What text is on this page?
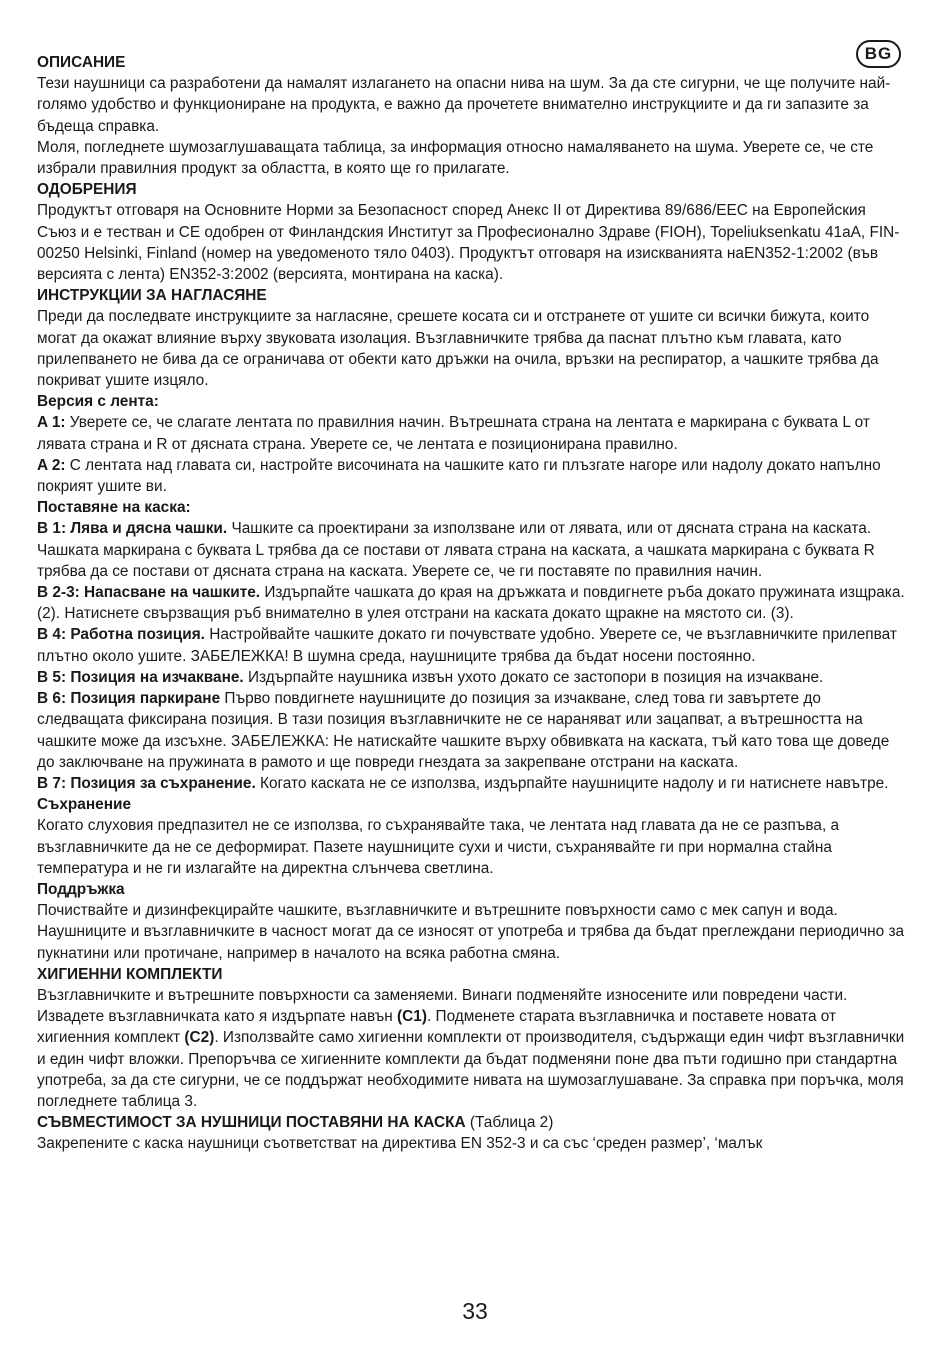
BG

ОПИСАНИЕ

Тези наушници са разработени да намалят излагането на опасни нива на шум. За да сте сигурни, че ще получите най-голямо удобство и функциониране на продукта, е важно да прочетете внимателно инструкциите и да ги запазите за бъдеща справка.

Моля, погледнете шумозаглушаващата таблица, за информация относно намаляването на шума. Уверете се, че сте избрали правилния продукт за областта, в която ще го прилагате.

ОДОБРЕНИЯ

Продуктът отговаря на Основните Норми за Безопасност според Анекс II от Директива 89/686/EEC на Европейския Съюз и е тестван и CE одобрен от Финландския Институт за Професионално Здраве (FIOH), Topeliuksenkatu 41aA, FIN-00250 Helsinki, Finland (номер на уведоменото тяло 0403). Продуктът отговаря на изискванията наEN352-1:2002 (във версията с лента) EN352-3:2002 (версията, монтирана на каска).

ИНСТРУКЦИИ ЗА НАГЛАСЯНЕ

Преди да последвате инструкциите за нагласяне, срешете косата си и отстранете от ушите си всички бижута, които могат да окажат влияние върху звуковата изолация. Възглавничките трябва да паснат плътно към главата, като прилепването не бива да се ограничава от обекти като дръжки на очила, връзки на респиратор, а чашките трябва да покриват ушите изцяло.

Версия с лента:

A 1: Уверете се, че слагате лентата по правилния начин. Вътрешната страна на лентата е маркирана с буквата L от лявата страна и R от дясната страна. Уверете се, че лентата е позиционирана правилно.

A 2: С лентата над главата си, настройте височината на чашките като ги плъзгате нагоре или надолу докато напълно покрият ушите ви.

Поставяне на каска:

B 1: Лява и дясна чашки. Чашките са проектирани за използване или от лявата, или от дясната страна на каската. Чашката маркирана с буквата L трябва да се постави от лявата страна на каската, а чашката маркирана с буквата R трябва да се постави от дясната страна на каската. Уверете се, че ги поставяте по правилния начин.

B 2-3: Напасване на чашките. Издърпайте чашката до края на дръжката и повдигнете ръба докато пружината изщрака. (2). Натиснете свързващия ръб внимателно в улея отстрани на каската докато щракне на мястото си. (3).

B 4: Работна позиция. Настройвайте чашките докато ги почувствате удобно. Уверете се, че възглавничките прилепват плътно около ушите. ЗАБЕЛЕЖКА! В шумна среда, наушниците трябва да бъдат носени постоянно.

B 5: Позиция на изчакване. Издърпайте наушника извън ухото докато се застопори в позиция на изчакване.

B 6: Позиция паркиране Първо повдигнете наушниците до позиция за изчакване, след това ги завъртете до следващата фиксирана позиция. В тази позиция възглавничките не се нараняват или зацапват, а вътрешността на чашките може да изсъхне. ЗАБЕЛЕЖКА: Не натискайте чашките върху обвивката на каската, тъй като това ще доведе до заключване на пружината в рамото и ще повреди гнездата за закрепване отстрани на каската.

B 7: Позиция за съхранение. Когато каската не се използва, издърпайте наушниците надолу и ги натиснете навътре.

Съхранение

Когато слуховия предпазител не се използва, го съхранявайте така, че лентата над главата да не се разпъва, а възглавничките да не се деформират. Пазете наушниците сухи и чисти, съхранявайте ги при нормална стайна температура и не ги излагайте на директна слънчева светлина.

Поддръжка

Почиствайте и дизинфекцирайте чашките, възглавничките и вътрешните повърхности само с мек сапун и вода. Наушниците и възглавничките в часност могат да се износят от употреба и трябва да бъдат преглеждани периодично за пукнатини или протичане, например в началото на всяка работна смяна.

ХИГИЕННИ КОМПЛЕКТИ

Възглавничките и вътрешните повърхности са заменяеми. Винаги подменяйте износените или повредени части. Извадете възглавничката като я издърпате навън (C1). Подменете старата възглавничка и поставете новата от хигиенния комплект (C2). Използвайте само хигиенни комплекти от производителя, съдържащи един чифт възглавнички и един чифт вложки. Препоръчва се хигиенните комплекти да бъдат подменяни поне два пъти годишно при стандартна употреба, за да сте сигурни, че се поддържат необходимите нивата на шумозаглушаване. За справка при поръчка, моля погледнете таблица 3.

СЪВМЕСТИМОСТ ЗА НУШНИЦИ ПОСТАВЯНИ НА КАСКА (Таблица 2)

Закрепените с каска наушници съответстват на директива EN 352-3 и са със ‘среден размер’, ‘малък

33
